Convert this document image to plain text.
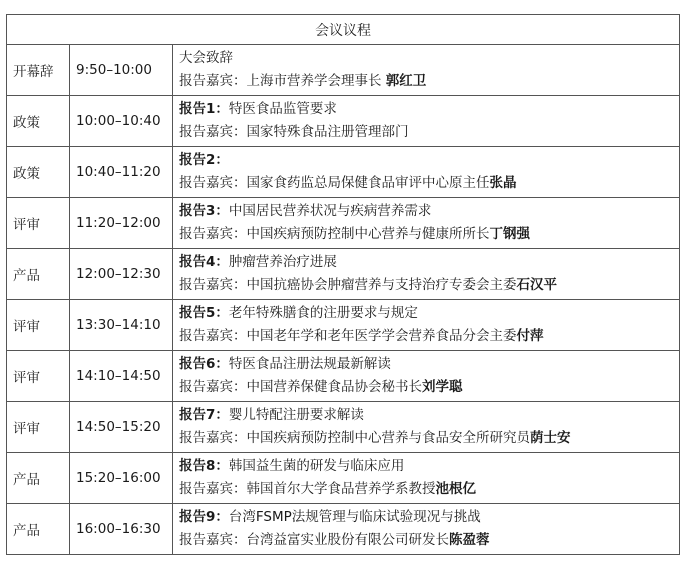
会议议程		
开幕辞	9:50–10:00	大会致辞
报告嘉宾：上海市营养学会理事长 郭红卫

政策	10:00–10:40	报告1：特医食品监管要求
报告嘉宾：国家特殊食品注册管理部门

政策	10:40–11:20	报告2：
报告嘉宾：国家食药监总局保健食品审评中心原主任张晶

评审	11:20–12:00	报告3：中国居民营养状况与疾病营养需求
报告嘉宾：中国疾病预防控制中心营养与健康所所长丁钢强

产品	12:00–12:30	报告4：肿瘤营养治疗进展
报告嘉宾：中国抗癌协会肿瘤营养与支持治疗专委会主委石汉平

评审	13:30–14:10	报告5：老年特殊膳食的注册要求与规定
报告嘉宾：中国老年学和老年医学学会营养食品分会主委付萍

评审	14:10–14:50	报告6：特医食品注册法规最新解读
报告嘉宾：中国营养保健食品协会秘书长刘学聪

评审	14:50–15:20	报告7：婴儿特配注册要求解读
报告嘉宾：中国疾病预防控制中心营养与食品安全所研究员荫士安

产品	15:20–16:00	报告8：韩国益生菌的研发与临床应用
报告嘉宾：韩国首尔大学食品营养学系教授池根亿

产品	16:00–16:30	报告9：台湾FSMP法规管理与临床试验现况与挑战
报告嘉宾：台湾益富实业股份有限公司研发长陈盈蓉
